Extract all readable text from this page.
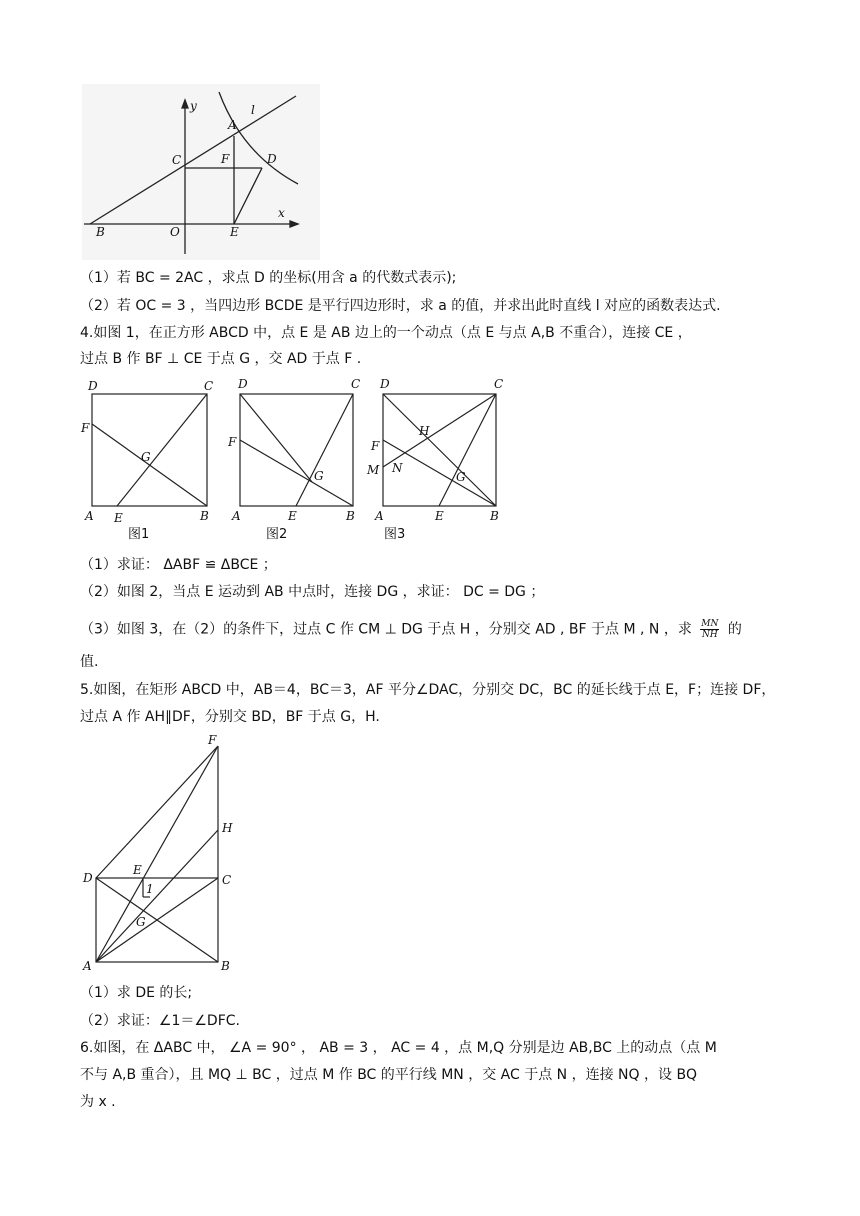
y	l
A
F	D
C
x
B	O	E
（1）若 BC = 2AC ，求点 D 的坐标(用含 a 的代数式表示);
（2）若 OC = 3 ，当四边形 BCDE 是平行四边形时，求 a 的值，并求出此时直线 l 对应的函数表达式.
4.如图 1，在正方形 ABCD 中，点 E 是 AB 边上的一个动点（点 E 与点 A,B 不重合），连接 CE ，
过点 B 作 BF ⊥ CE 于点 G ，交 AD 于点 F .
D	C
F
G
A E	B
图1
D	C
F
G
A	E	B
图2
D	C
H
F
M N
G
A	E	B
图3
（1）求证： ΔABF ≌ ΔBCE ；
（2）如图 2，当点 E 运动到 AB 中点时，连接 DG ，求证： DC = DG ；
（3）如图 3，在（2）的条件下，过点 C 作 CM ⊥ DG 于点 H ，分别交 AD , BF 于点 M , N ，求 $\frac{MN}{NH}$ 的
值.
5.如图，在矩形 ABCD 中，AB＝4，BC＝3，AF 平分∠DAC，分别交 DC，BC 的延长线于点 E，F；连接 DF，
过点 A 作 AH∥DF，分别交 BD，BF 于点 G，H.
F
H
D
E
C
1
G
A	B
（1）求 DE 的长;
（2）求证：∠1＝∠DFC.
6.如图，在 ΔABC 中， ∠A = 90° ， AB = 3 ， AC = 4 ，点 M,Q 分别是边 AB,BC 上的动点（点 M
不与 A,B 重合），且 MQ ⊥ BC ，过点 M 作 BC 的平行线 MN ，交 AC 于点 N ，连接 NQ ，设 BQ
为 x .
